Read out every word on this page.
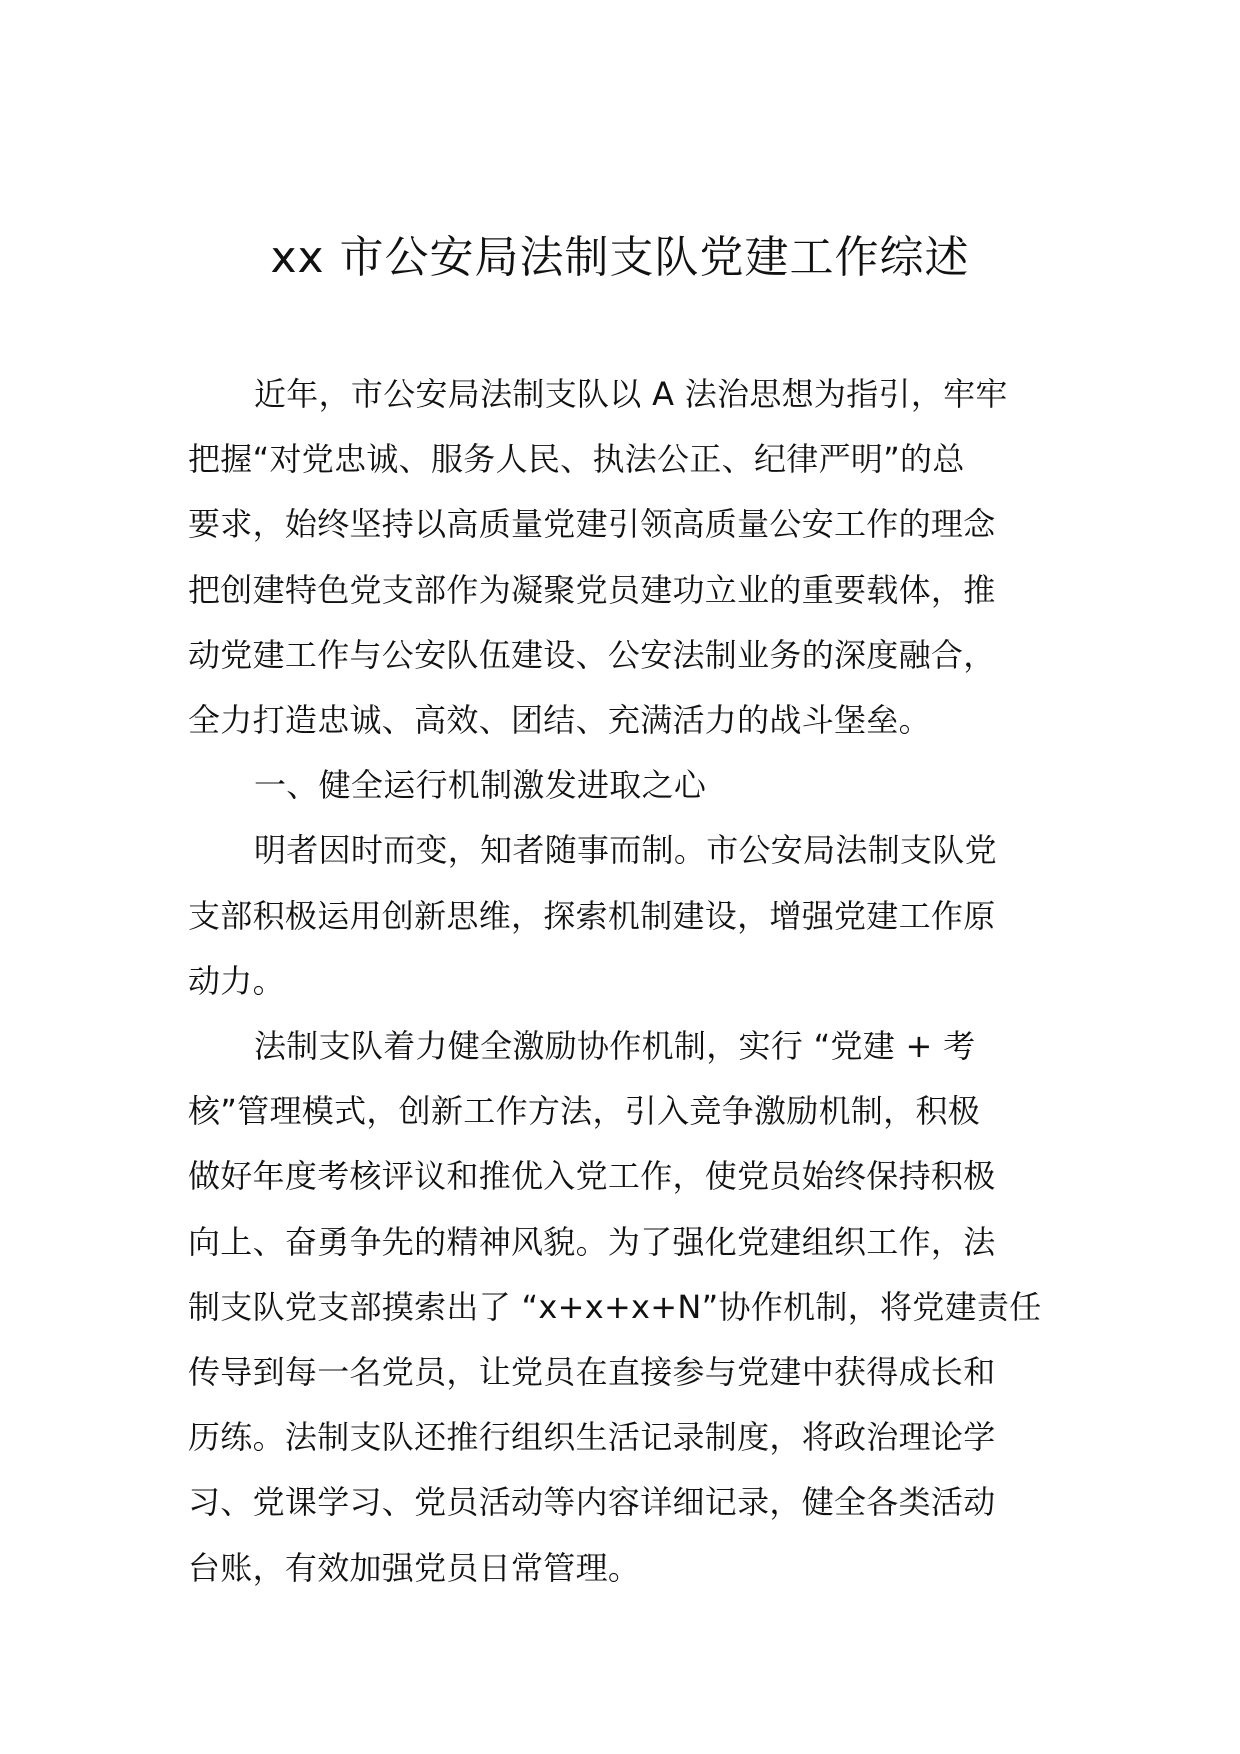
xx 市公安局法制支队党建工作综述
近年，市公安局法制支队以 A 法治思想为指引，牢牢
把握“对党忠诚、服务人民、执法公正、纪律严明”的总
要求，始终坚持以高质量党建引领高质量公安工作的理念
把创建特色党支部作为凝聚党员建功立业的重要载体，推
动党建工作与公安队伍建设、公安法制业务的深度融合，
全力打造忠诚、高效、团结、充满活力的战斗堡垒。
一、健全运行机制激发进取之心
明者因时而变，知者随事而制。市公安局法制支队党
支部积极运用创新思维，探索机制建设，增强党建工作原
动力。
法制支队着力健全激励协作机制，实行 “党建 + 考
核”管理模式，创新工作方法，引入竞争激励机制，积极
做好年度考核评议和推优入党工作，使党员始终保持积极
向上、奋勇争先的精神风貌。为了强化党建组织工作，法
制支队党支部摸索出了 “x+x+x+N”协作机制，将党建责任
传导到每一名党员，让党员在直接参与党建中获得成长和
历练。法制支队还推行组织生活记录制度，将政治理论学
习、党课学习、党员活动等内容详细记录，健全各类活动
台账，有效加强党员日常管理。
